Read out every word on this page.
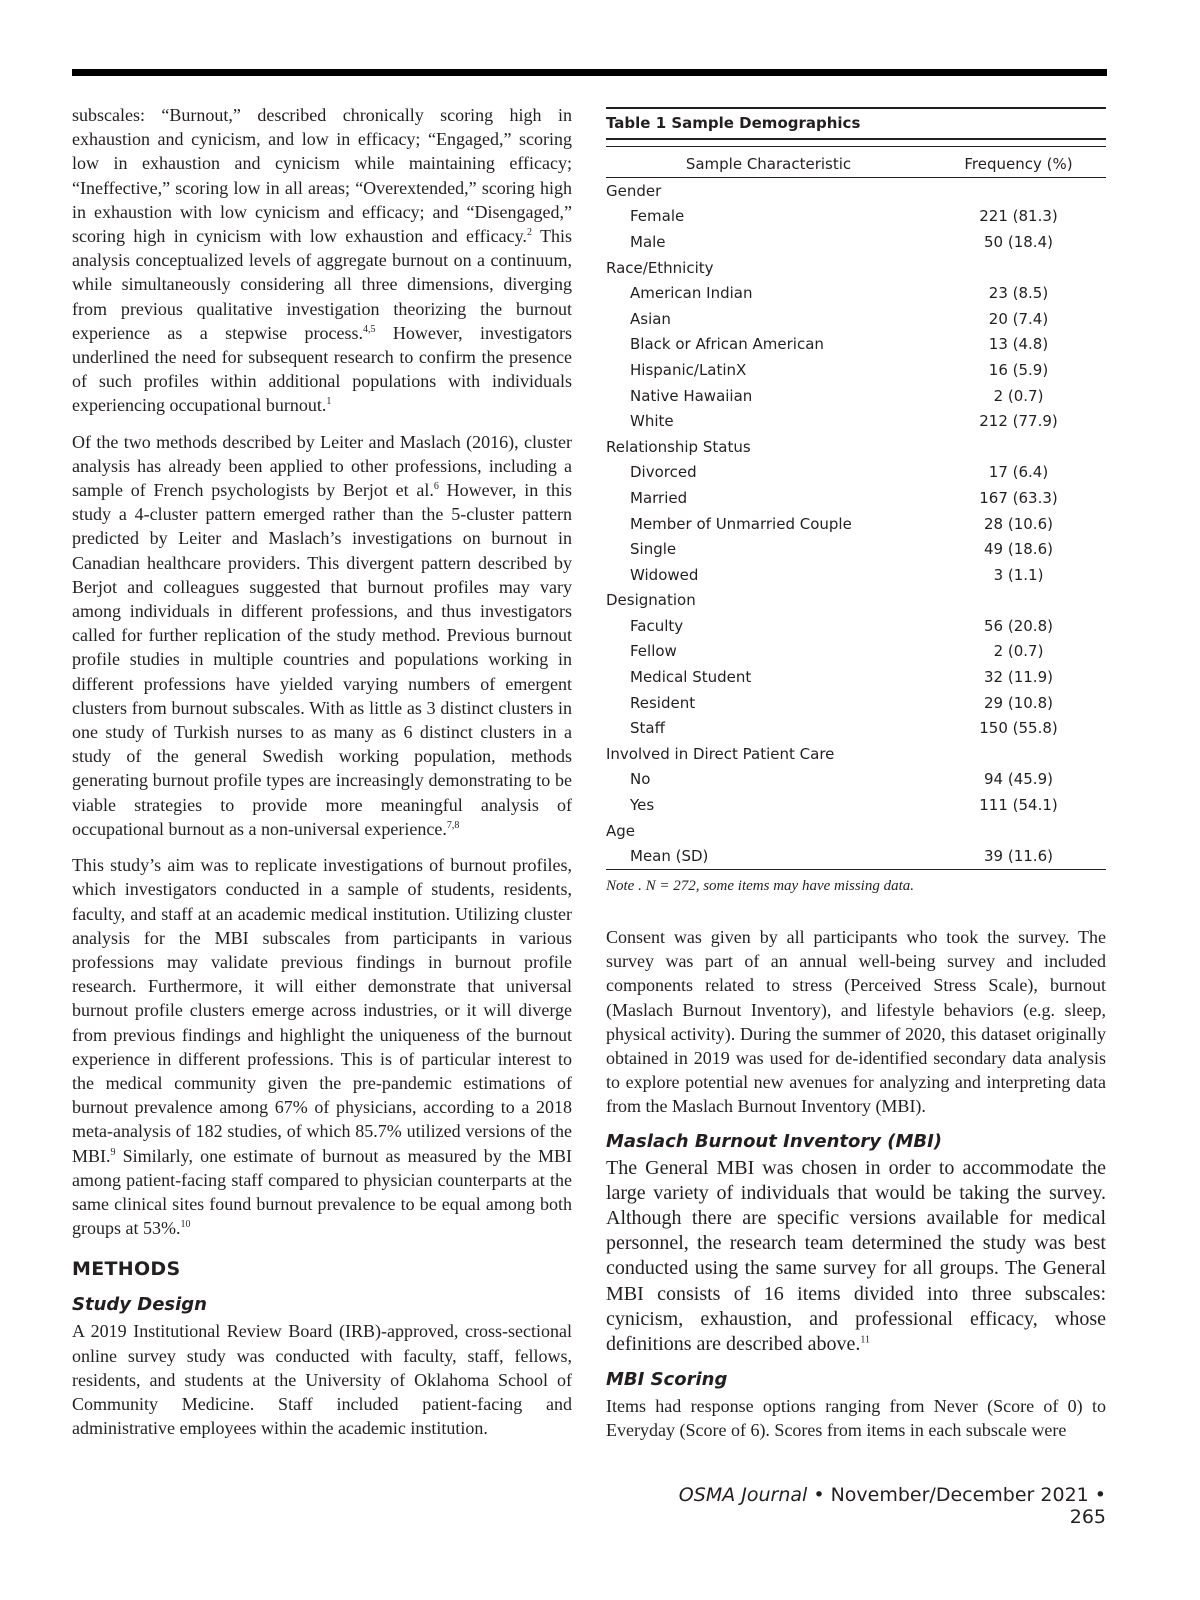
subscales: “Burnout,” described chronically scoring high in exhaustion and cynicism, and low in efficacy; “Engaged,” scoring low in exhaustion and cynicism while maintaining efficacy; “Ineffective,” scoring low in all areas; “Overextended,” scoring high in exhaustion with low cynicism and efficacy; and “Disengaged,” scoring high in cynicism with low exhaustion and efficacy.$^2$ This analysis conceptualized levels of aggregate burnout on a continuum, while simultaneously considering all three dimensions, diverging from previous qualitative investigation theorizing the burnout experience as a stepwise process.$^{4,5}$ However, investigators underlined the need for subsequent research to confirm the presence of such profiles within additional populations with individuals experiencing occupational burnout.$^1$

Of the two methods described by Leiter and Maslach (2016), cluster analysis has already been applied to other professions, including a sample of French psychologists by Berjot et al.$^6$ However, in this study a 4-cluster pattern emerged rather than the 5-cluster pattern predicted by Leiter and Maslach’s investigations on burnout in Canadian healthcare providers. This divergent pattern described by Berjot and colleagues suggested that burnout profiles may vary among individuals in different professions, and thus investigators called for further replication of the study method. Previous burnout profile studies in multiple countries and populations working in different professions have yielded varying numbers of emergent clusters from burnout subscales. With as little as 3 distinct clusters in one study of Turkish nurses to as many as 6 distinct clusters in a study of the general Swedish working population, methods generating burnout profile types are increasingly demonstrating to be viable strategies to provide more meaningful analysis of occupational burnout as a non-universal experience.$^{7,8}$

This study’s aim was to replicate investigations of burnout profiles, which investigators conducted in a sample of students, residents, faculty, and staff at an academic medical institution. Utilizing cluster analysis for the MBI subscales from participants in various professions may validate previous findings in burnout profile research. Furthermore, it will either demonstrate that universal burnout profile clusters emerge across industries, or it will diverge from previous findings and highlight the uniqueness of the burnout experience in different professions. This is of particular interest to the medical community given the pre-pandemic estimations of burnout prevalence among 67% of physicians, according to a 2018 meta-analysis of 182 studies, of which 85.7% utilized versions of the MBI.$^9$ Similarly, one estimate of burnout as measured by the MBI among patient-facing staff compared to physician counterparts at the same clinical sites found burnout prevalence to be equal among both groups at 53%.$^{10}$

METHODS
Study Design

A 2019 Institutional Review Board (IRB)-approved, cross-sectional online survey study was conducted with faculty, staff, fellows, residents, and students at the University of Oklahoma School of Community Medicine. Staff included patient-facing and administrative employees within the academic institution.

Table 1 Sample Demographics
Sample Characteristic	Frequency (%)
Gender	
Female	221 (81.3)
Male	50 (18.4)
Race/Ethnicity	
American Indian	23 (8.5)
Asian	20 (7.4)
Black or African American	13 (4.8)
Hispanic/LatinX	16 (5.9)
Native Hawaiian	2 (0.7)
White	212 (77.9)
Relationship Status	
Divorced	17 (6.4)
Married	167 (63.3)
Member of Unmarried Couple	28 (10.6)
Single	49 (18.6)
Widowed	3 (1.1)
Designation	
Faculty	56 (20.8)
Fellow	2 (0.7)
Medical Student	32 (11.9)
Resident	29 (10.8)
Staff	150 (55.8)
Involved in Direct Patient Care	
No	94 (45.9)
Yes	111 (54.1)
Age	
Mean (SD)	39 (11.6)
Note . N = 272, some items may have missing data.

Consent was given by all participants who took the survey. The survey was part of an annual well-being survey and included components related to stress (Perceived Stress Scale), burnout (Maslach Burnout Inventory), and lifestyle behaviors (e.g. sleep, physical activity). During the summer of 2020, this dataset originally obtained in 2019 was used for de-identified secondary data analysis to explore potential new avenues for analyzing and interpreting data from the Maslach Burnout Inventory (MBI).

Maslach Burnout Inventory (MBI)

The General MBI was chosen in order to accommodate the large variety of individuals that would be taking the survey. Although there are specific versions available for medical personnel, the research team determined the study was best conducted using the same survey for all groups. The General MBI consists of 16 items divided into three subscales: cynicism, exhaustion, and professional efficacy, whose definitions are described above.$^{11}$

MBI Scoring

Items had response options ranging from Never (Score of 0) to Everyday (Score of 6). Scores from items in each subscale were

OSMA Journal • November/December 2021 • 265
